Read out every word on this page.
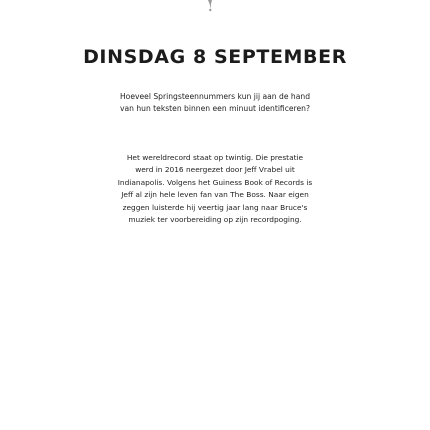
DINSDAG 8 SEPTEMBER

Hoeveel Springsteennummers kun jij aan de hand
van hun teksten binnen een minuut identificeren?

Het wereldrecord staat op twintig. Die prestatie
werd in 2016 neergezet door Jeff Vrabel uit
Indianapolis. Volgens het Guiness Book of Records is
Jeff al zijn hele leven fan van The Boss. Naar eigen
zeggen luisterde hij veertig jaar lang naar Bruce's
muziek ter voorbereiding op zijn recordpoging.
